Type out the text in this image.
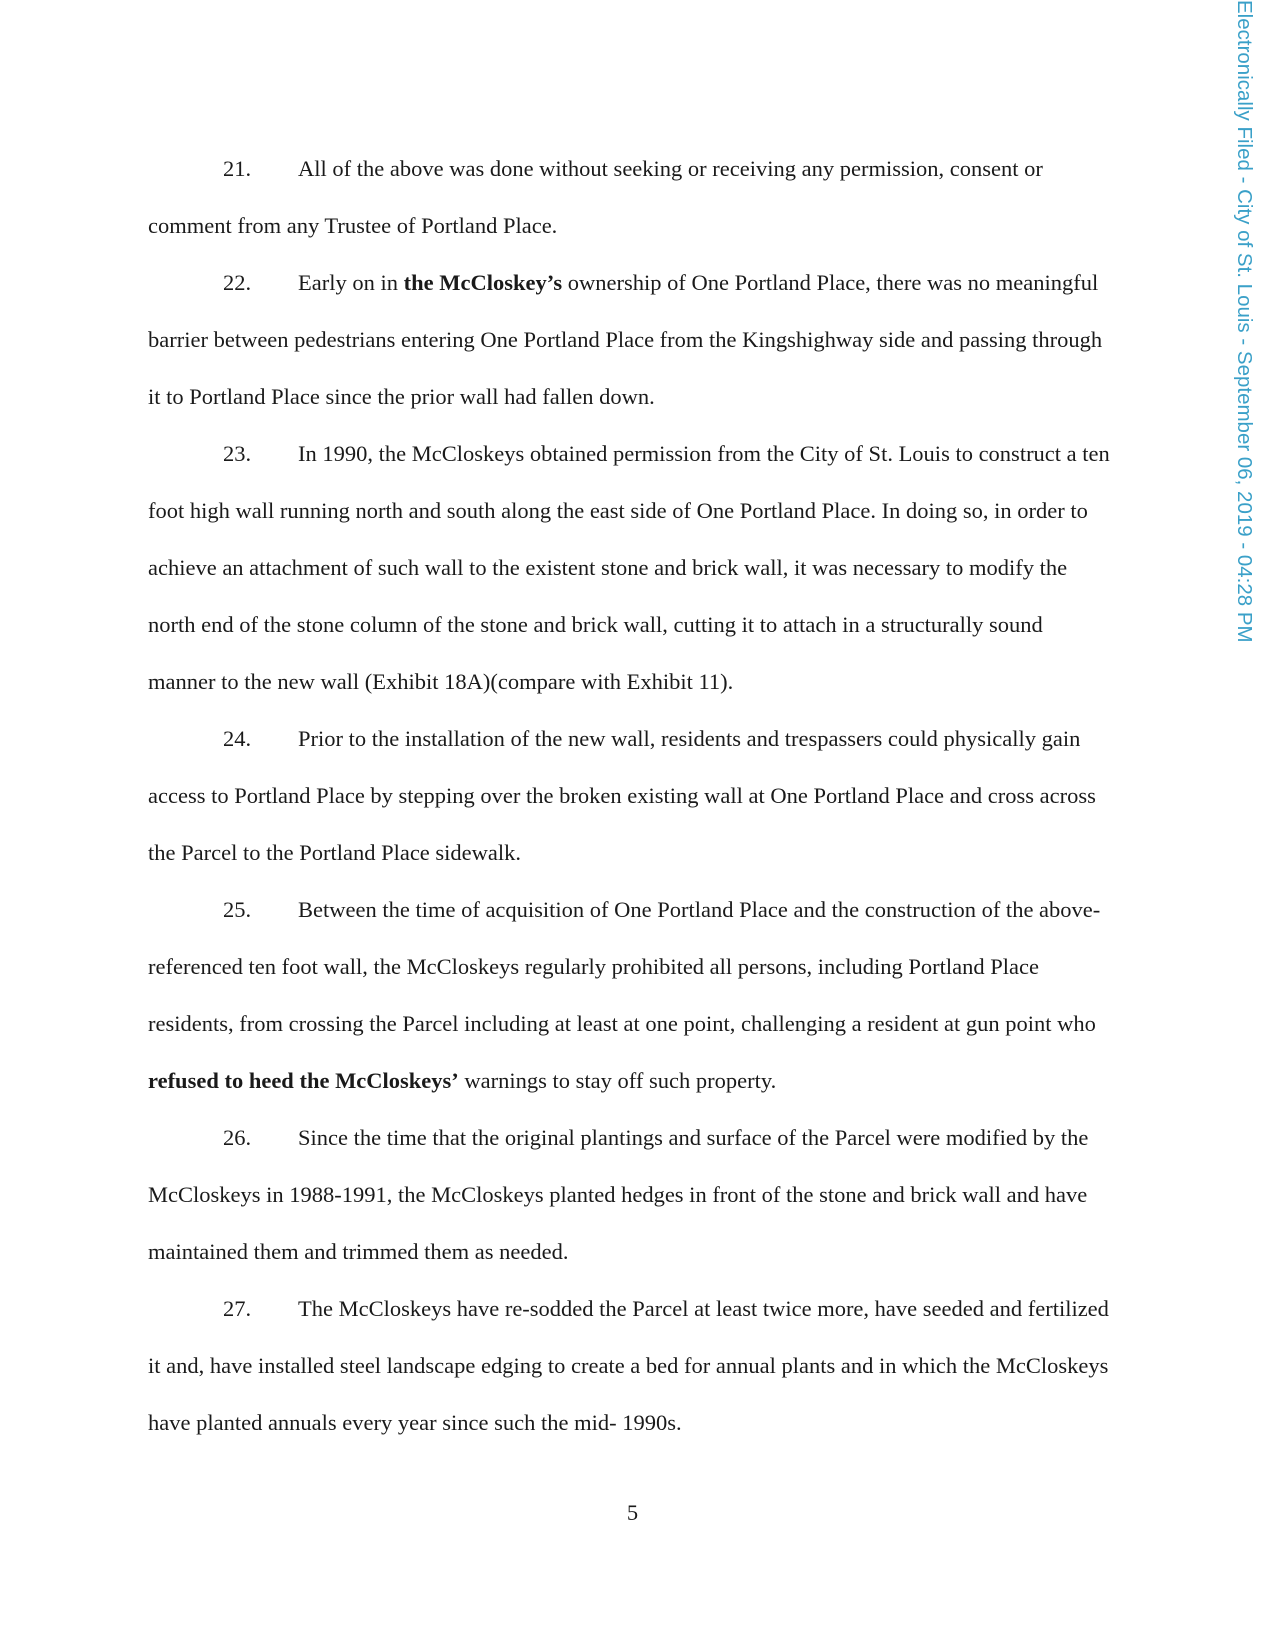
Electronically Filed - City of St. Louis - September 06, 2019 - 04:28 PM

21. All of the above was done without seeking or receiving any permission, consent or comment from any Trustee of Portland Place.

22. Early on in the McCloskey’s ownership of One Portland Place, there was no meaningful barrier between pedestrians entering One Portland Place from the Kingshighway side and passing through it to Portland Place since the prior wall had fallen down.

23. In 1990, the McCloskeys obtained permission from the City of St. Louis to construct a ten foot high wall running north and south along the east side of One Portland Place. In doing so, in order to achieve an attachment of such wall to the existent stone and brick wall, it was necessary to modify the north end of the stone column of the stone and brick wall, cutting it to attach in a structurally sound manner to the new wall (Exhibit 18A)(compare with Exhibit 11).

24. Prior to the installation of the new wall, residents and trespassers could physically gain access to Portland Place by stepping over the broken existing wall at One Portland Place and cross across the Parcel to the Portland Place sidewalk.

25. Between the time of acquisition of One Portland Place and the construction of the above-referenced ten foot wall, the McCloskeys regularly prohibited all persons, including Portland Place residents, from crossing the Parcel including at least at one point, challenging a resident at gun point who refused to heed the McCloskeys’ warnings to stay off such property.

26. Since the time that the original plantings and surface of the Parcel were modified by the McCloskeys in 1988-1991, the McCloskeys planted hedges in front of the stone and brick wall and have maintained them and trimmed them as needed.

27. The McCloskeys have re-sodded the Parcel at least twice more, have seeded and fertilized it and, have installed steel landscape edging to create a bed for annual plants and in which the McCloskeys have planted annuals every year since such the mid- 1990s.

5
